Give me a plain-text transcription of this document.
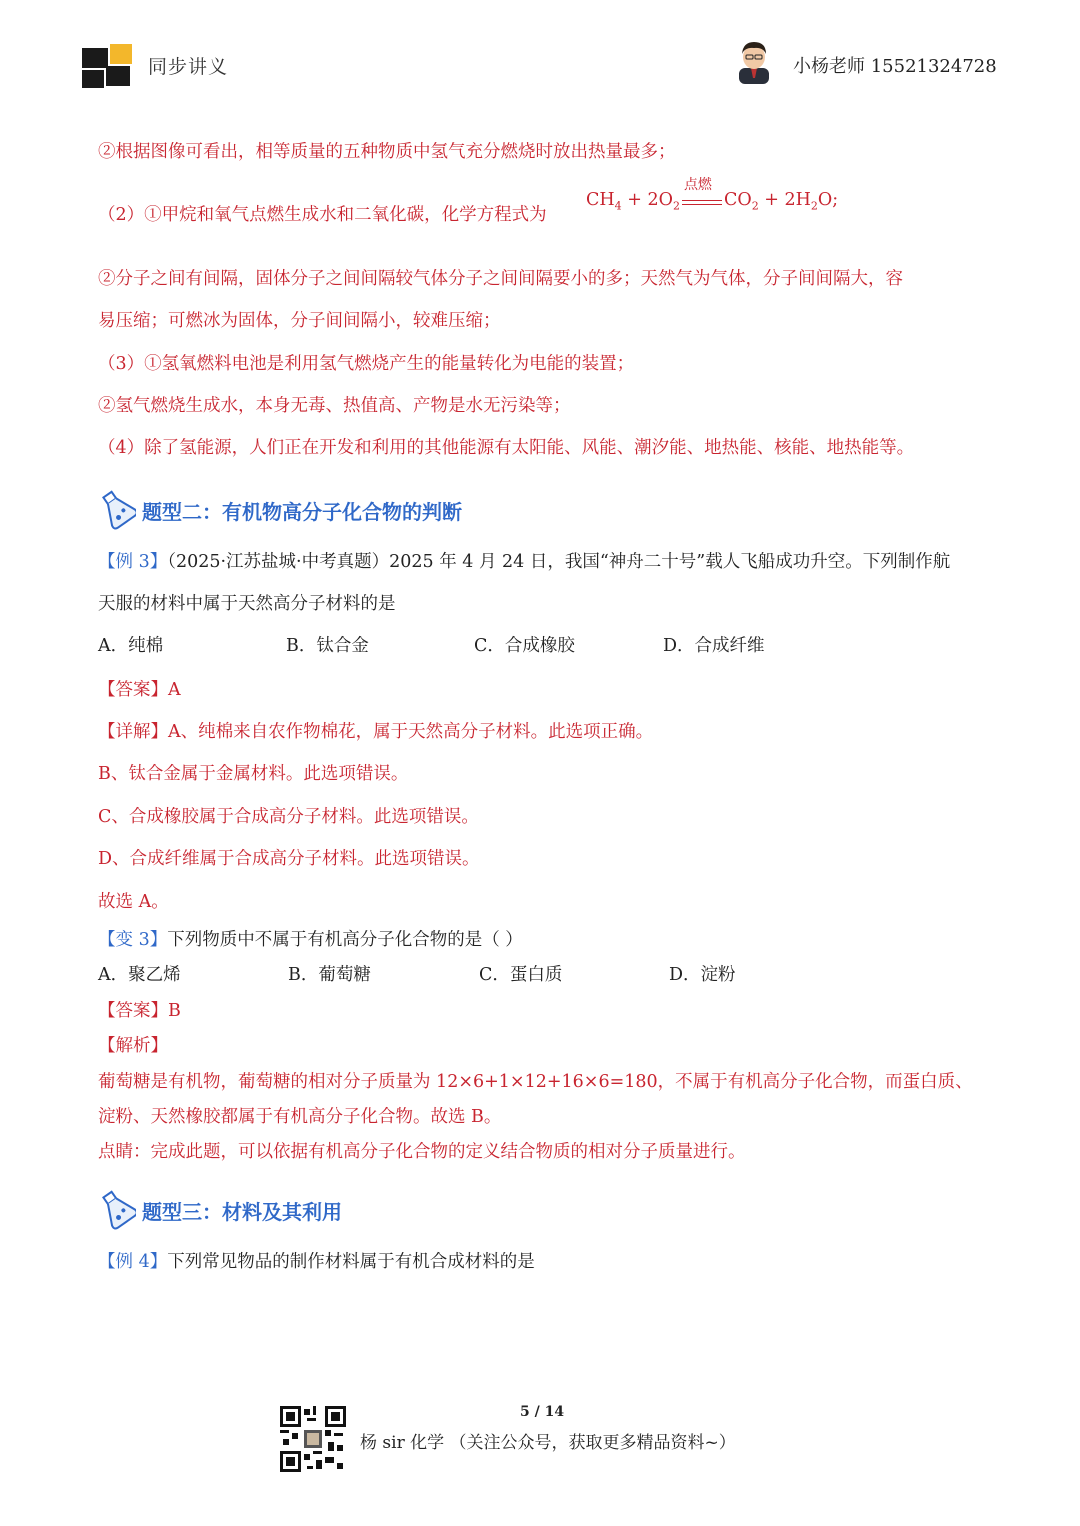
同步讲义	小杨老师 15521324728
②根据图像可看出，相等质量的五种物质中氢气充分燃烧时放出热量最多；
（2）①甲烷和氧气点燃生成水和二氧化碳，化学方程式为
$CH_4 + 2O_2$
点燃
$CO_2 + 2H_2O$;
②分子之间有间隔，固体分子之间间隔较气体分子之间间隔要小的多；天然气为气体，分子间间隔大，容
易压缩；可燃冰为固体，分子间间隔小，较难压缩；
（3）①氢氧燃料电池是利用氢气燃烧产生的能量转化为电能的装置；
②氢气燃烧生成水，本身无毒、热值高、产物是水无污染等；
（4）除了氢能源，人们正在开发和利用的其他能源有太阳能、风能、潮汐能、地热能、核能、地热能等。
题型二：有机物高分子化合物的判断
【例 3】（2025·江苏盐城·中考真题）2025 年 4 月 24 日，我国“神舟二十号”载人飞船成功升空。下列制作航
天服的材料中属于天然高分子材料的是
A．纯棉	B．钛合金	C．合成橡胶	D．合成纤维
【答案】A
【详解】A、纯棉来自农作物棉花，属于天然高分子材料。此选项正确。
B、钛合金属于金属材料。此选项错误。
C、合成橡胶属于合成高分子材料。此选项错误。
D、合成纤维属于合成高分子材料。此选项错误。
故选 A。
【变 3】下列物质中不属于有机高分子化合物的是（ ）
A．聚乙烯	B．葡萄糖	C．蛋白质	D．淀粉
【答案】B
【解析】
葡萄糖是有机物，葡萄糖的相对分子质量为 12×6+1×12+16×6=180，不属于有机高分子化合物，而蛋白质、
淀粉、天然橡胶都属于有机高分子化合物。故选 B。
点睛：完成此题，可以依据有机高分子化合物的定义结合物质的相对分子质量进行。
题型三：材料及其利用
【例 4】下列常见物品的制作材料属于有机合成材料的是
5 / 14
杨 sir 化学 （关注公众号，获取更多精品资料~）
